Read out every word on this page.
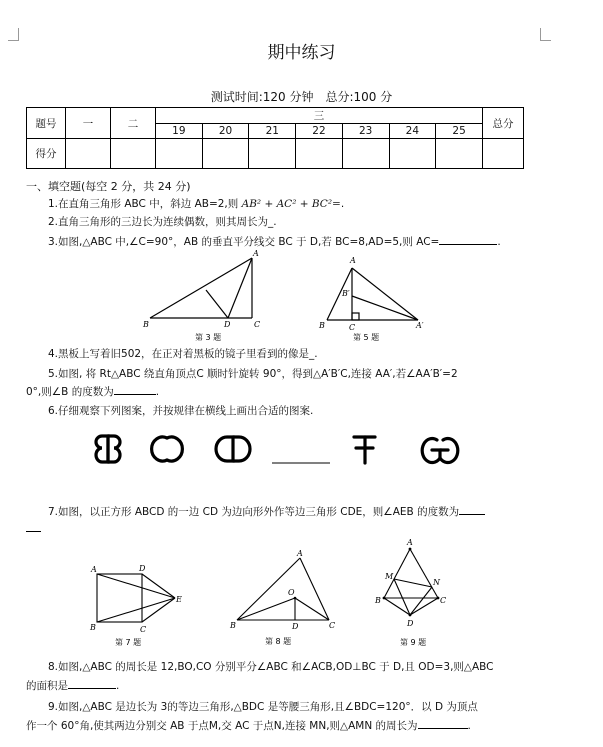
期中练习
测试时间:120 分钟　总分:100 分
题号	一	二	三							总分
			19	20	21	22	23	24	25	
得分										
一、填空题(每空 2 分，共 24 分)
1.在直角三角形 ABC 中，斜边 AB=2,则 AB² + AC² + BC²=.
2.直角三角形的三边长为连续偶数，则其周长为_.
3.如图,△ABC 中,∠C=90°，AB 的垂直平分线交 BC 于 D,若 BC=8,AD=5,则 AC=	.
A
B	C
D
第 3 题
A
B
B′
C	A′
第 5 题
4.黑板上写着旧502，在正对着黑板的镜子里看到的像是_.
5.如图, 将 Rt△ABC 绕直角顶点C 顺时针旋转 90°，得到△A′B′C,连接 AA′,若∠AA′B′=2
0°,则∠B 的度数为	.
6.仔细观察下列图案，并按规律在横线上画出合适的图案.
7.如图，以正方形 ABCD 的一边 CD 为边向形外作等边三角形 CDE，则∠AEB 的度数为
A	D
B	C
E
第 7 题
A
B	C
D
O
第 8 题
A
M
N
B	C
D
第 9 题
8.如图,△ABC 的周长是 12,BO,CO 分别平分∠ABC 和∠ACB,OD⊥BC 于 D,且 OD=3,则△ABC
的面积是	.
9.如图,△ABC 是边长为 3的等边三角形,△BDC 是等腰三角形,且∠BDC=120°．以 D 为顶点
作一个 60°角,使其两边分别交 AB 于点M,交 AC 于点N,连接 MN,则△AMN 的周长为	.
